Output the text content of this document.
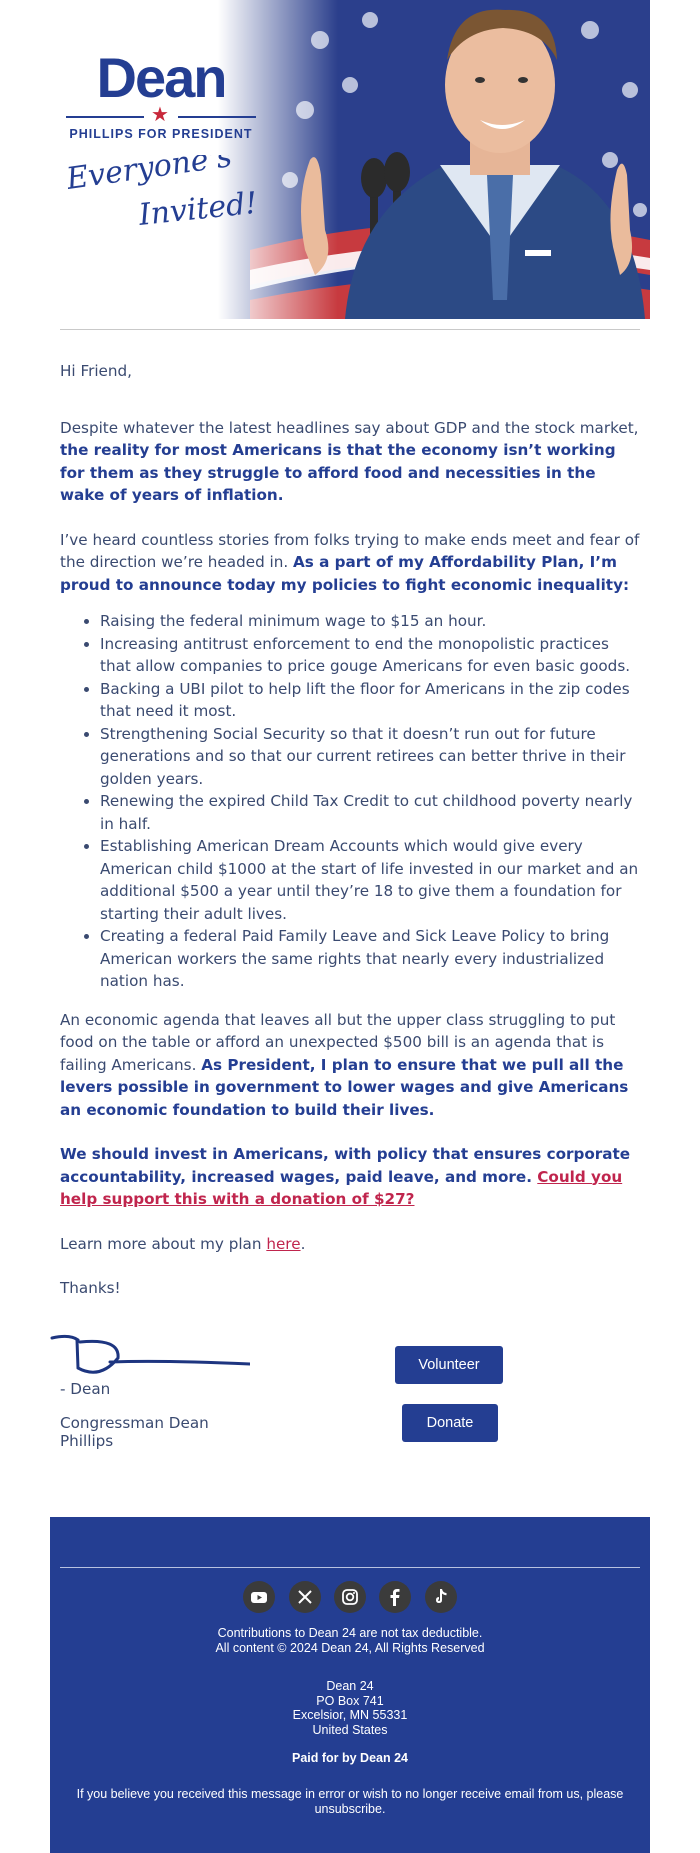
Dean
★
PHILLIPS FOR PRESIDENT
Everyone's
Invited!

Hi Friend,

Despite whatever the latest headlines say about GDP and the stock market, the reality for most Americans is that the economy isn’t working for them as they struggle to afford food and necessities in the wake of years of inflation.

I’ve heard countless stories from folks trying to make ends meet and fear of the direction we’re headed in. As a part of my Affordability Plan, I’m proud to announce today my policies to fight economic inequality:

• Raising the federal minimum wage to $15 an hour.
• Increasing antitrust enforcement to end the monopolistic practices that allow companies to price gouge Americans for even basic goods.
• Backing a UBI pilot to help lift the floor for Americans in the zip codes that need it most.
• Strengthening Social Security so that it doesn’t run out for future generations and so that our current retirees can better thrive in their golden years.
• Renewing the expired Child Tax Credit to cut childhood poverty nearly in half.
• Establishing American Dream Accounts which would give every American child $1000 at the start of life invested in our market and an additional $500 a year until they’re 18 to give them a foundation for starting their adult lives.
• Creating a federal Paid Family Leave and Sick Leave Policy to bring American workers the same rights that nearly every industrialized nation has.

An economic agenda that leaves all but the upper class struggling to put food on the table or afford an unexpected $500 bill is an agenda that is failing Americans. As President, I plan to ensure that we pull all the levers possible in government to lower wages and give Americans an economic foundation to build their lives.

We should invest in Americans, with policy that ensures corporate accountability, increased wages, paid leave, and more. Could you help support this with a donation of $27?

Learn more about my plan here.

Thanks!

- Dean
Congressman Dean Phillips
Volunteer
Donate

Contributions to Dean 24 are not tax deductible.
All content © 2024 Dean 24, All Rights Reserved
Dean 24
PO Box 741
Excelsior, MN 55331
United States
Paid for by Dean 24
If you believe you received this message in error or wish to no longer receive email from us, please unsubscribe.
